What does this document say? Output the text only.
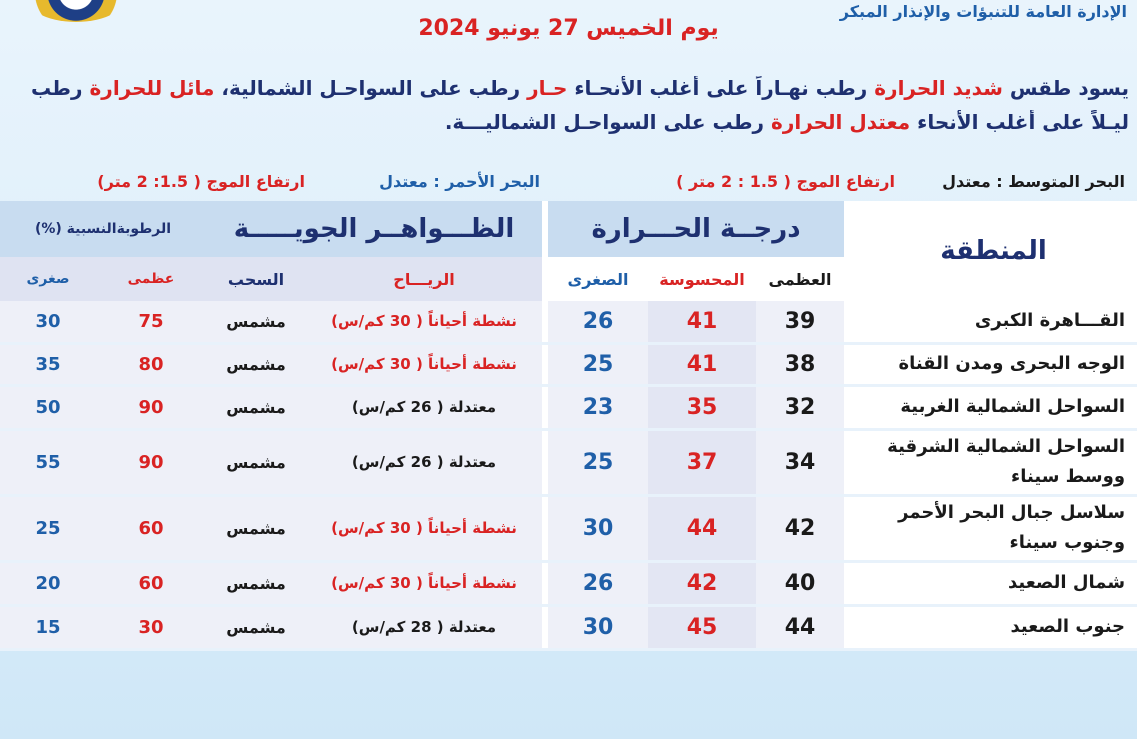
الإدارة العامة للتنبؤات والإنذار المبكر
يوم الخميس 27 يونيو 2024
يسود طقس شديد الحرارة رطب نهـاراً على أغلب الأنحـاء حـار رطب على السواحـل الشمالية، مائل للحرارة رطب
ليـلاً على أغلب الأنحاء معتدل الحرارة رطب على السواحـل الشماليـــة.
البحر المتوسط : معتدل
ارتفاع الموج ( 1.5 : 2 متر )
البحر الأحمر : معتدل
ارتفاع الموج ( 1.5: 2 متر)
المنطقة		درجــة الحـــرارة				الظـــواهــر الجويـــــة		الرطوبةالنسبية (%)	
		العظمى	المحسوسة	الصغرى		الريـــاح	السحب	عظمى	صغرى
القـــاهرة الكبرى		39	41	26		نشطة أحياناً ( 30 كم/س)	مشمس	75	30
الوجه البحرى ومدن القناة		38	41	25		نشطة أحياناً ( 30 كم/س)	مشمس	80	35
السواحل الشمالية الغربية		32	35	23		معتدلة ( 26 كم/س)	مشمس	90	50
السواحل الشمالية الشرقية ووسط سيناء		34	37	25		معتدلة ( 26 كم/س)	مشمس	90	55
سلاسل جبال البحر الأحمر وجنوب سيناء		42	44	30		نشطة أحياناً ( 30 كم/س)	مشمس	60	25
شمال الصعيد		40	42	26		نشطة أحياناً ( 30 كم/س)	مشمس	60	20
جنوب الصعيد		44	45	30		معتدلة ( 28 كم/س)	مشمس	30	15
